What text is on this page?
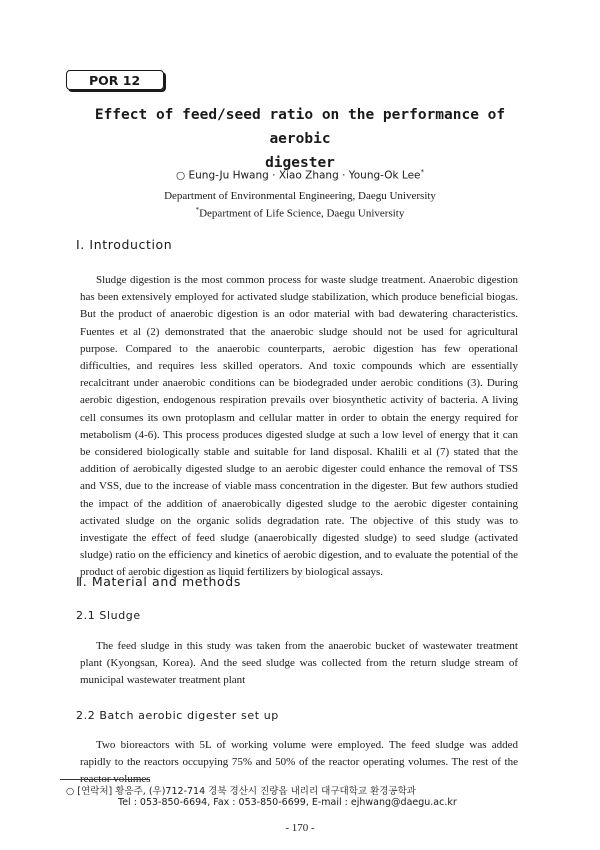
POR 12
Effect of feed/seed ratio on the performance of aerobic
digester
○ Eung-Ju Hwang · Xiao Zhang · Young-Ok Lee*
Department of Environmental Engineering, Daegu University
*Department of Life Science, Daegu University
Ⅰ. Introduction

Sludge digestion is the most common process for waste sludge treatment. Anaerobic digestion has been extensively employed for activated sludge stabilization, which produce beneficial biogas. But the product of anaerobic digestion is an odor material with bad dewatering characteristics. Fuentes et al (2) demonstrated that the anaerobic sludge should not be used for agricultural purpose. Compared to the anaerobic counterparts, aerobic digestion has few operational difficulties, and requires less skilled operators. And toxic compounds which are essentially recalcitrant under anaerobic conditions can be biodegraded under aerobic conditions (3). During aerobic digestion, endogenous respiration prevails over biosynthetic activity of bacteria. A living cell consumes its own protoplasm and cellular matter in order to obtain the energy required for metabolism (4-6). This process produces digested sludge at such a low level of energy that it can be considered biologically stable and suitable for land disposal. Khalili et al (7) stated that the addition of aerobically digested sludge to an aerobic digester could enhance the removal of TSS and VSS, due to the increase of viable mass concentration in the digester. But few authors studied the impact of the addition of anaerobically digested sludge to the aerobic digester containing activated sludge on the organic solids degradation rate. The objective of this study was to investigate the effect of feed sludge (anaerobically digested sludge) to seed sludge (activated sludge) ratio on the efficiency and kinetics of aerobic digestion, and to evaluate the potential of the product of aerobic digestion as liquid fertilizers by biological assays.

Ⅱ. Material and methods
2.1 Sludge

The feed sludge in this study was taken from the anaerobic bucket of wastewater treatment plant (Kyongsan, Korea). And the seed sludge was collected from the return sludge stream of municipal wastewater treatment plant

2.2 Batch aerobic digester set up

Two bioreactors with 5L of working volume were employed. The feed sludge was added rapidly to the reactors occupying 75% and 50% of the reactor operating volumes. The rest of the reactor volumes

○ [연락처] 황응주, (우)712-714 경북 경산시 진량읍 내리리 대구대학교 환경공학과
Tel : 053-850-6694, Fax : 053-850-6699, E-mail : ejhwang@daegu.ac.kr
- 170 -
